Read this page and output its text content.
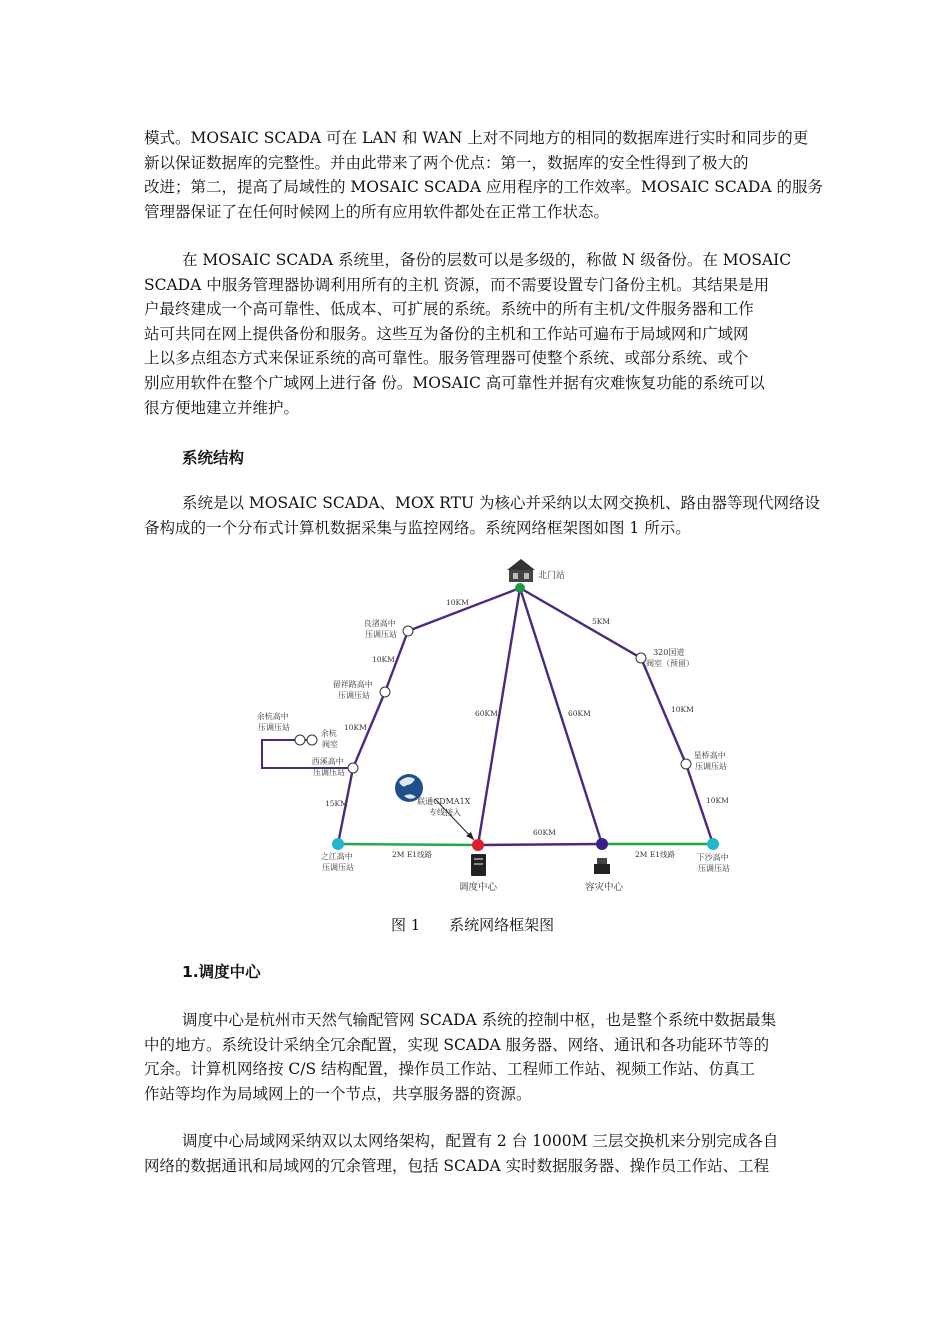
模式。MOSAIC SCADA 可在 LAN 和 WAN 上对不同地方的相同的数据库进行实时和同步的更
新以保证数据库的完整性。并由此带来了两个优点：第一，数据库的安全性得到了极大的
改进；第二，提高了局域性的 MOSAIC SCADA 应用程序的工作效率。MOSAIC SCADA 的服务
管理器保证了在任何时候网上的所有应用软件都处在正常工作状态。
在 MOSAIC SCADA 系统里，备份的层数可以是多级的，称做 N 级备份。在 MOSAIC
SCADA 中服务管理器协调利用所有的主机 资源，而不需要设置专门备份主机。其结果是用
户最终建成一个高可靠性、低成本、可扩展的系统。系统中的所有主机/文件服务器和工作
站可共同在网上提供备份和服务。这些互为备份的主机和工作站可遍布于局域网和广域网
上以多点组态方式来保证系统的高可靠性。服务管理器可使整个系统、或部分系统、或个
别应用软件在整个广域网上进行备 份。MOSAIC 高可靠性并据有灾难恢复功能的系统可以
很方便地建立并维护。
系统结构
系统是以 MOSAIC SCADA、MOX RTU 为核心并采纳以太网交换机、路由器等现代网络设
备构成的一个分布式计算机数据采集与监控网络。系统网络框架图如图 1 所示。
北门站
良渚高中 压调压站
留祥路高中 压调压站
余杭高中 压调压站
余杭 阀室
西溪高中 压调压站
之江高中 压调压站
调度中心	容灾中心
下沙高中 压调压站
星桥高中 压调压站
320国道 阀室（预留）
联通CDMA1X 专线接入
10KM
5KM
10KM
10KM
15KM
60KM	60KM
60KM
10KM
10KM
2M E1线路	2M E1线路
图 1 系统网络框架图
1.调度中心
调度中心是杭州市天然气输配管网 SCADA 系统的控制中枢，也是整个系统中数据最集
中的地方。系统设计采纳全冗余配置，实现 SCADA 服务器、网络、通讯和各功能环节等的
冗余。计算机网络按 C/S 结构配置，操作员工作站、工程师工作站、视频工作站、仿真工
作站等均作为局域网上的一个节点，共享服务器的资源。
调度中心局域网采纳双以太网络架构，配置有 2 台 1000M 三层交换机来分别完成各自
网络的数据通讯和局域网的冗余管理，包括 SCADA 实时数据服务器、操作员工作站、工程
